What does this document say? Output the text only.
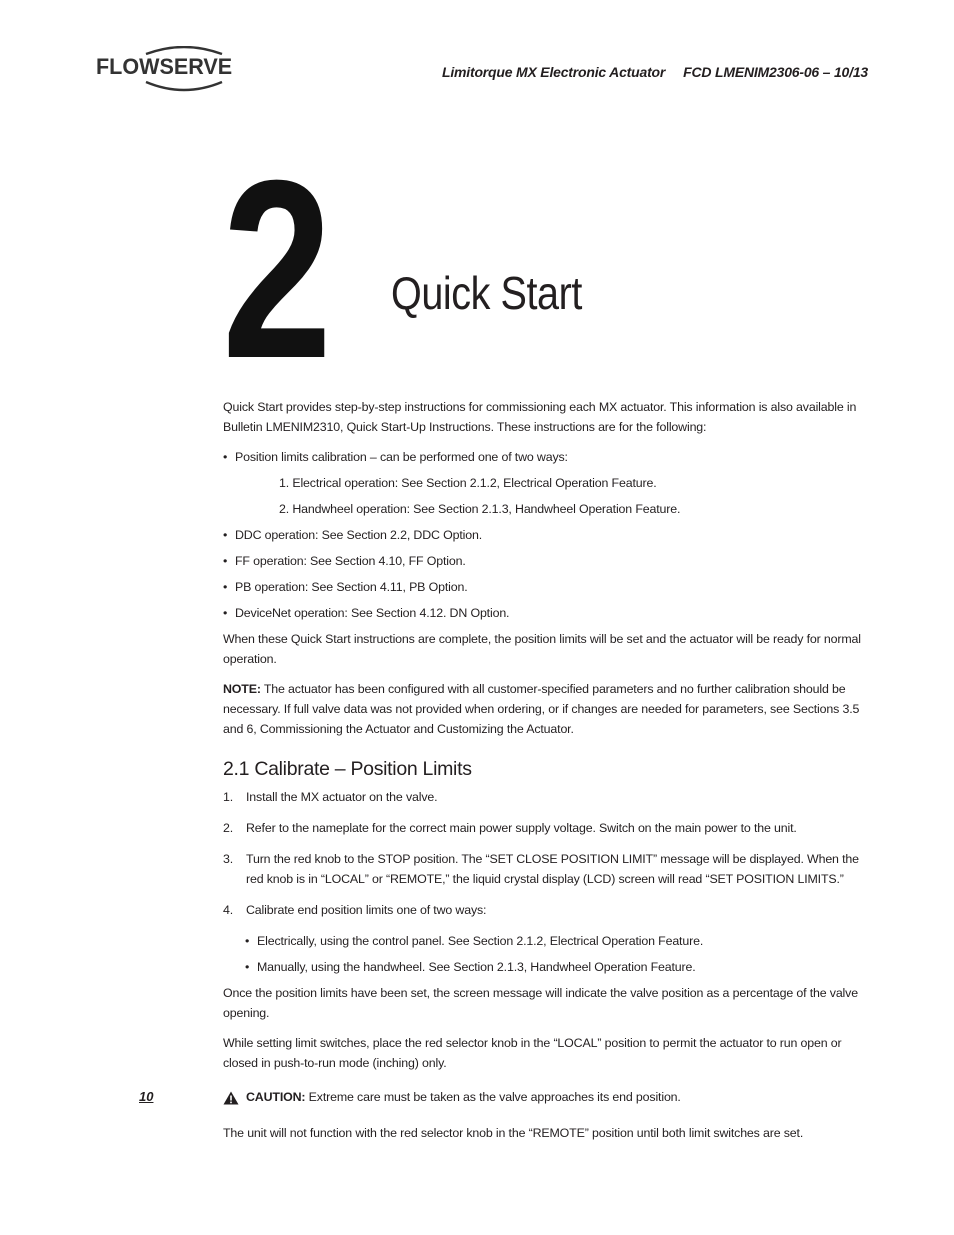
FLOWSERVE	Limitorque MX Electronic Actuator FCD LMENIM2306-06 – 10/13
2 Quick Start

Quick Start provides step-by-step instructions for commissioning each MX actuator. This information is also available in Bulletin LMENIM2310, Quick Start-Up Instructions. These instructions are for the following:

• Position limits calibration – can be performed one of two ways:

1. Electrical operation: See Section 2.1.2, Electrical Operation Feature.

2. Handwheel operation: See Section 2.1.3, Handwheel Operation Feature.

• DDC operation: See Section 2.2, DDC Option.

• FF operation: See Section 4.10, FF Option.

• PB operation: See Section 4.11, PB Option.

• DeviceNet operation: See Section 4.12. DN Option.

When these Quick Start instructions are complete, the position limits will be set and the actuator will be ready for normal operation.

NOTE: The actuator has been configured with all customer-specified parameters and no further calibration should be necessary. If full valve data was not provided when ordering, or if changes are needed for parameters, see Sections 3.5 and 6, Commissioning the Actuator and Customizing the Actuator.

2.1 Calibrate – Position Limits

1. Install the MX actuator on the valve.

2. Refer to the nameplate for the correct main power supply voltage. Switch on the main power to the unit.

3. Turn the red knob to the STOP position. The “SET CLOSE POSITION LIMIT” message will be displayed. When the red knob is in “LOCAL” or “REMOTE,” the liquid crystal display (LCD) screen will read “SET POSITION LIMITS.”

4. Calibrate end position limits one of two ways:

• Electrically, using the control panel. See Section 2.1.2, Electrical Operation Feature.

• Manually, using the handwheel. See Section 2.1.3, Handwheel Operation Feature.

Once the position limits have been set, the screen message will indicate the valve position as a percentage of the valve opening.

While setting limit switches, place the red selector knob in the “LOCAL” position to permit the actuator to run open or closed in push-to-run mode (inching) only.

CAUTION: Extreme care must be taken as the valve approaches its end position.

The unit will not function with the red selector knob in the “REMOTE” position until both limit switches are set.

10
